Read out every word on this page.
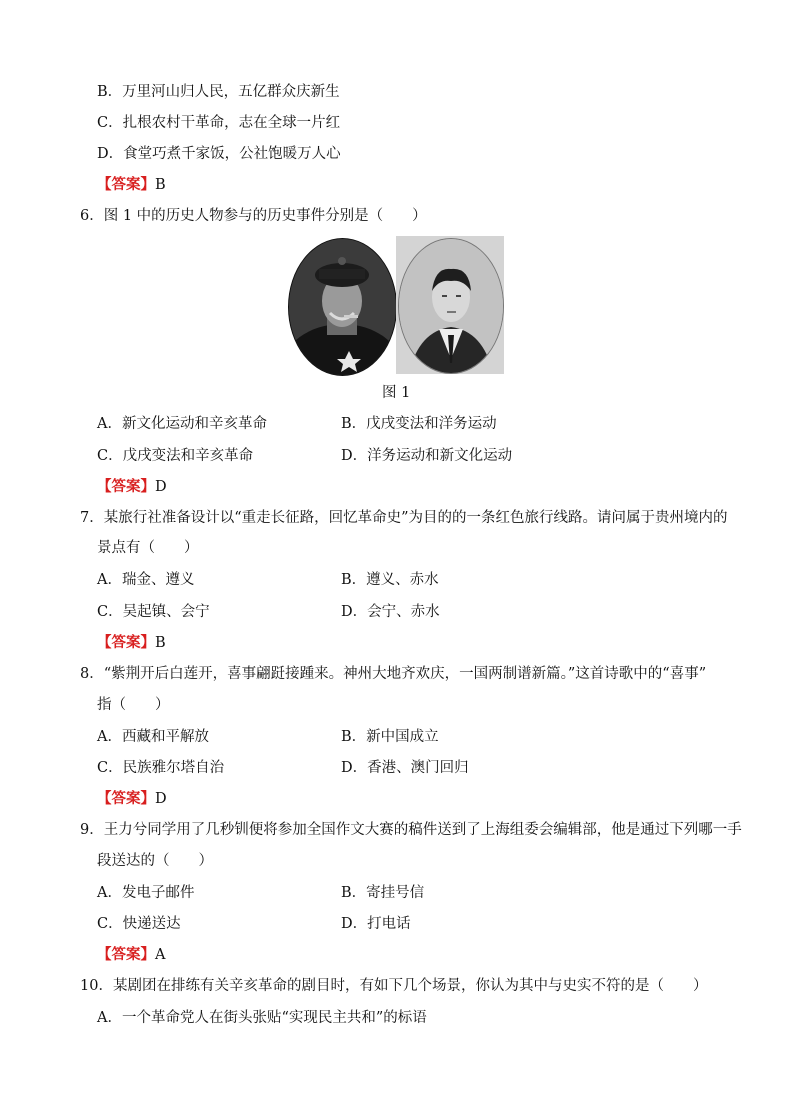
B．万里河山归人民，五亿群众庆新生
C．扎根农村干革命，志在全球一片红
D．食堂巧煮千家饭，公社饱暖万人心
【答案】B
6．图 1 中的历史人物参与的历史事件分别是（　　）
图 1
A．新文化运动和辛亥革命	B．戊戌变法和洋务运动
C．戊戌变法和辛亥革命	D．洋务运动和新文化运动
【答案】D
7．某旅行社准备设计以“重走长征路，回忆革命史”为目的的一条红色旅行线路。请问属于贵州境内的
景点有（　　）
A．瑞金、遵义	B．遵义、赤水
C．吴起镇、会宁	D．会宁、赤水
【答案】B
8．“紫荆开后白莲开，喜事翩跹接踵来。神州大地齐欢庆，一国两制谱新篇。”这首诗歌中的“喜事”
指（　　）
A．西藏和平解放	B．新中国成立
C．民族雅尔塔自治	D．香港、澳门回归
【答案】D
9．王力兮同学用了几秒钏便将参加全国作文大赛的稿件送到了上海组委会编辑部，他是通过下列哪一手
段送达的（　　）
A．发电子邮件	B．寄挂号信
C．快递送达	D．打电话
【答案】A
10．某剧团在排练有关辛亥革命的剧目时，有如下几个场景，你认为其中与史实不符的是（　　）
A．一个革命党人在街头张贴“实现民主共和”的标语
